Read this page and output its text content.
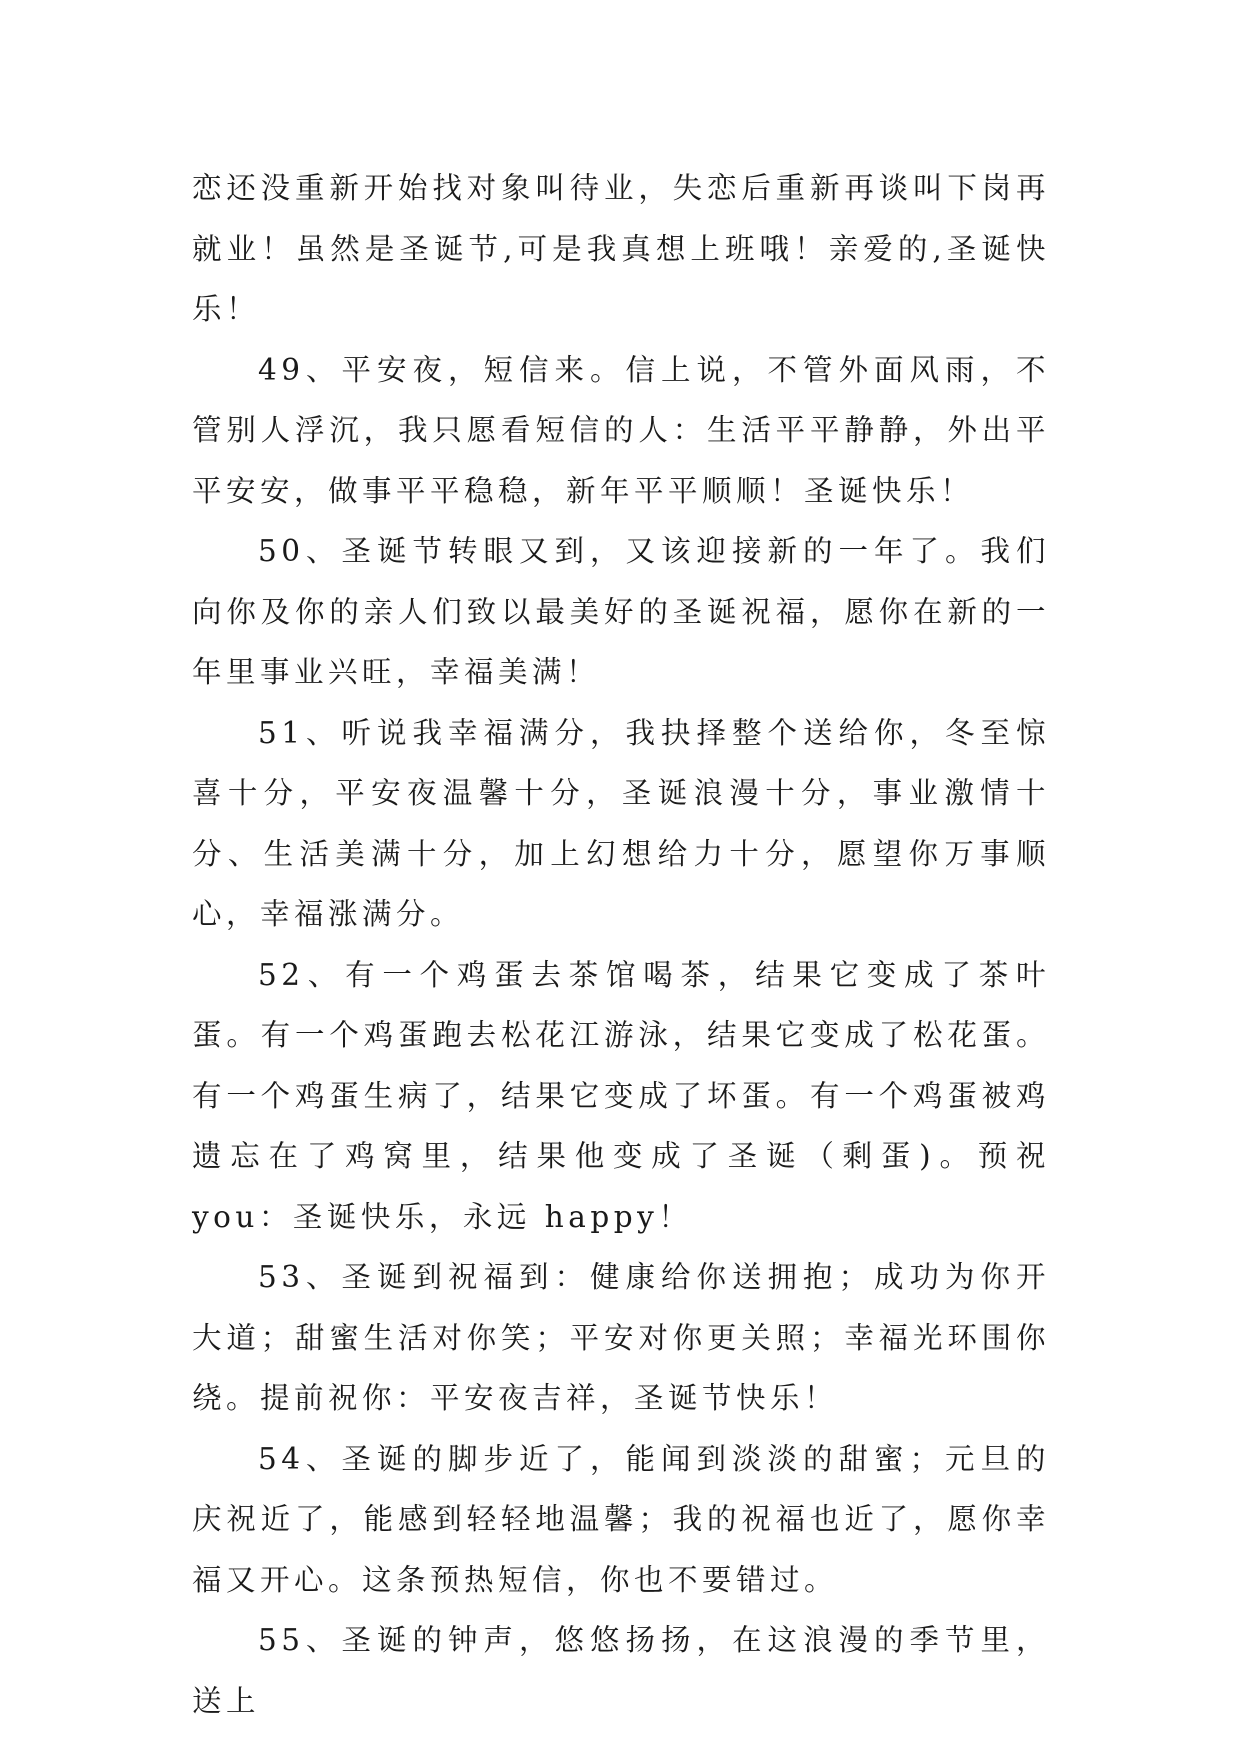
恋还没重新开始找对象叫待业，失恋后重新再谈叫下岗再就业！虽然是圣诞节,可是我真想上班哦！亲爱的,圣诞快乐！

49、平安夜，短信来。信上说，不管外面风雨，不管别人浮沉，我只愿看短信的人：生活平平静静，外出平平安安，做事平平稳稳，新年平平顺顺！圣诞快乐！

50、圣诞节转眼又到，又该迎接新的一年了。我们向你及你的亲人们致以最美好的圣诞祝福，愿你在新的一年里事业兴旺，幸福美满！

51、听说我幸福满分，我抉择整个送给你，冬至惊喜十分，平安夜温馨十分，圣诞浪漫十分，事业激情十分、生活美满十分，加上幻想给力十分，愿望你万事顺心，幸福涨满分。

52、有一个鸡蛋去茶馆喝茶，结果它变成了茶叶蛋。有一个鸡蛋跑去松花江游泳，结果它变成了松花蛋。有一个鸡蛋生病了，结果它变成了坏蛋。有一个鸡蛋被鸡遗忘在了鸡窝里，结果他变成了圣诞（剩蛋)。预祝 you：圣诞快乐，永远 happy！

53、圣诞到祝福到：健康给你送拥抱；成功为你开大道；甜蜜生活对你笑；平安对你更关照；幸福光环围你绕。提前祝你：平安夜吉祥，圣诞节快乐！

54、圣诞的脚步近了，能闻到淡淡的甜蜜；元旦的庆祝近了，能感到轻轻地温馨；我的祝福也近了，愿你幸福又开心。这条预热短信，你也不要错过。

55、圣诞的钟声，悠悠扬扬，在这浪漫的季节里，送上
